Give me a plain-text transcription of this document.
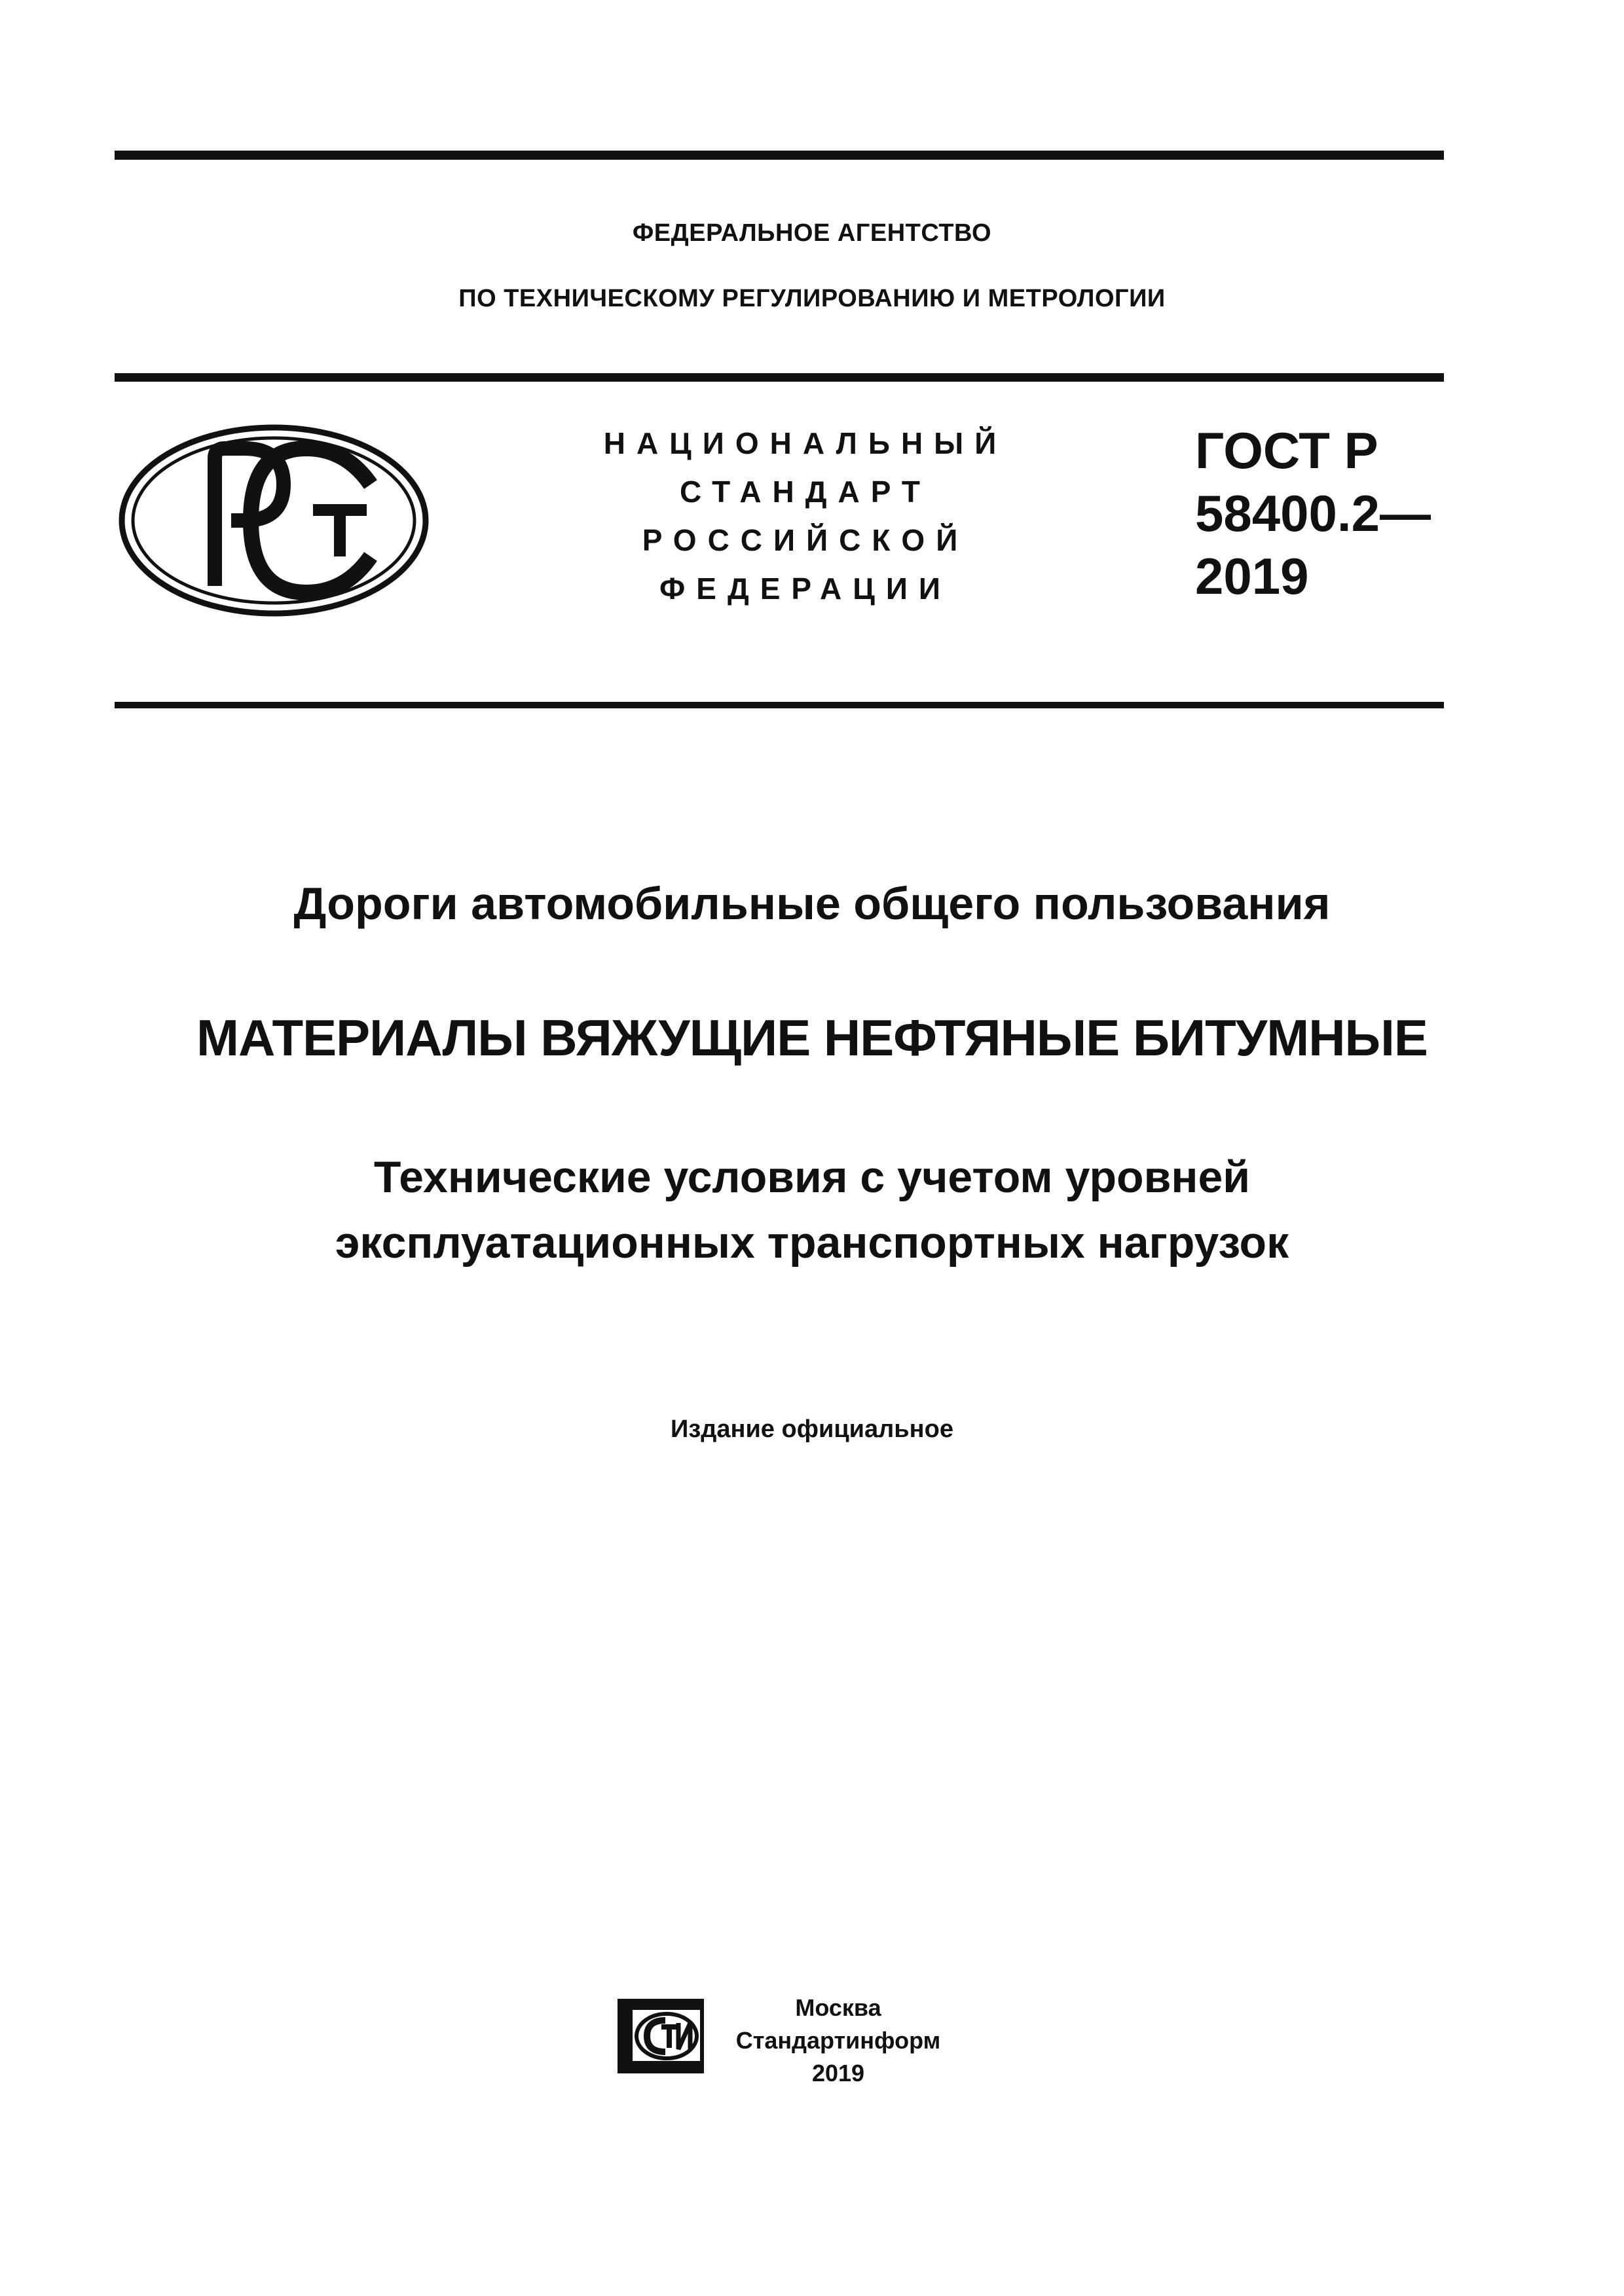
ФЕДЕРАЛЬНОЕ АГЕНТСТВО
ПО ТЕХНИЧЕСКОМУ РЕГУЛИРОВАНИЮ И МЕТРОЛОГИИ
НАЦИОНАЛЬНЫЙ
СТАНДАРТ
РОССИЙСКОЙ
ФЕДЕРАЦИИ
ГОСТ Р
58400.2—
2019
Дороги автомобильные общего пользования
МАТЕРИАЛЫ ВЯЖУЩИЕ НЕФТЯНЫЕ БИТУМНЫЕ
Технические условия с учетом уровней
эксплуатационных транспортных нагрузок
Издание официальное
Москва
Стандартинформ
2019
